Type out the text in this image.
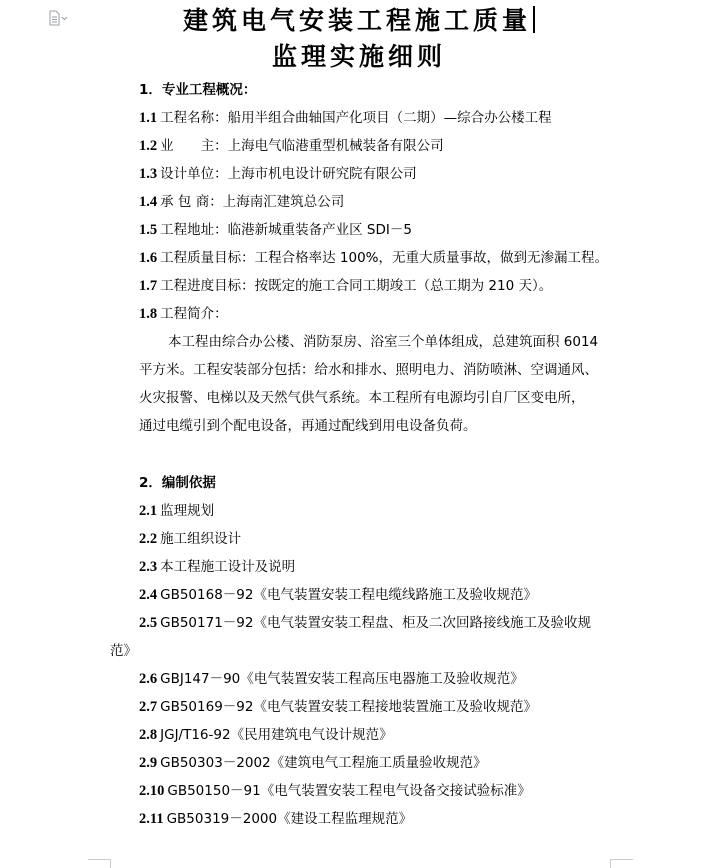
建筑电气安装工程施工质量
监理实施细则
1．专业工程概况：
1.1 工程名称：船用半组合曲轴国产化项目（二期）—综合办公楼工程
1.2 业　　主：上海电气临港重型机械装备有限公司
1.3 设计单位：上海市机电设计研究院有限公司
1.4 承 包 商：上海南汇建筑总公司
1.5 工程地址：临港新城重装备产业区 SDI－5
1.6 工程质量目标：工程合格率达 100%，无重大质量事故，做到无渗漏工程。
1.7 工程进度目标：按既定的施工合同工期竣工（总工期为 210 天）。
1.8 工程简介：
本工程由综合办公楼、消防泵房、浴室三个单体组成，总建筑面积 6014
平方米。工程安装部分包括：给水和排水、照明电力、消防喷淋、空调通风、
火灾报警、电梯以及天然气供气系统。本工程所有电源均引自厂区变电所，
通过电缆引到个配电设备，再通过配线到用电设备负荷。
2．编制依据
2.1 监理规划
2.2 施工组织设计
2.3 本工程施工设计及说明
2.4 GB50168－92《电气装置安装工程电缆线路施工及验收规范》
2.5 GB50171－92《电气装置安装工程盘、柜及二次回路接线施工及验收规
范》
2.6 GBJ147－90《电气装置安装工程高压电器施工及验收规范》
2.7 GB50169－92《电气装置安装工程接地装置施工及验收规范》
2.8 JGJ/T16-92《民用建筑电气设计规范》
2.9 GB50303－2002《建筑电气工程施工质量验收规范》
2.10 GB50150－91《电气装置安装工程电气设备交接试验标准》
2.11 GB50319－2000《建设工程监理规范》
